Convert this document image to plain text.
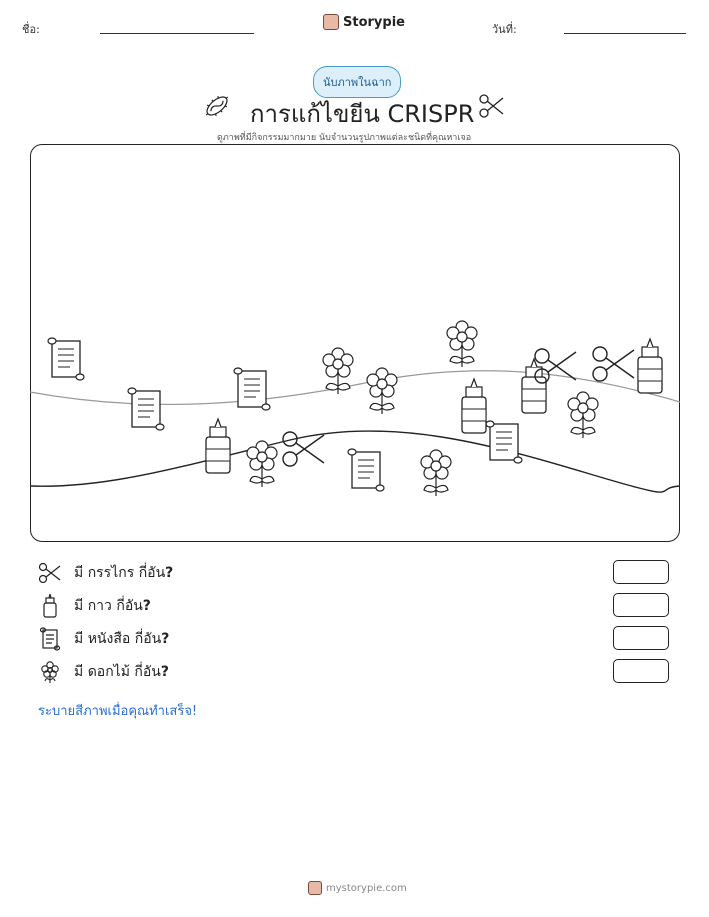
ชื่อ:	Storypie	วันที่:
นับภาพในฉาก
การแก้ไขยีน CRISPR
ดูภาพที่มีกิจกรรมมากมาย นับจำนวนรูปภาพแต่ละชนิดที่คุณหาเจอ
มี กรรไกร กี่อัน?
มี กาว กี่อัน?
มี หนังสือ กี่อัน?
มี ดอกไม้ กี่อัน?
ระบายสีภาพเมื่อคุณทำเสร็จ!
mystorypie.com
